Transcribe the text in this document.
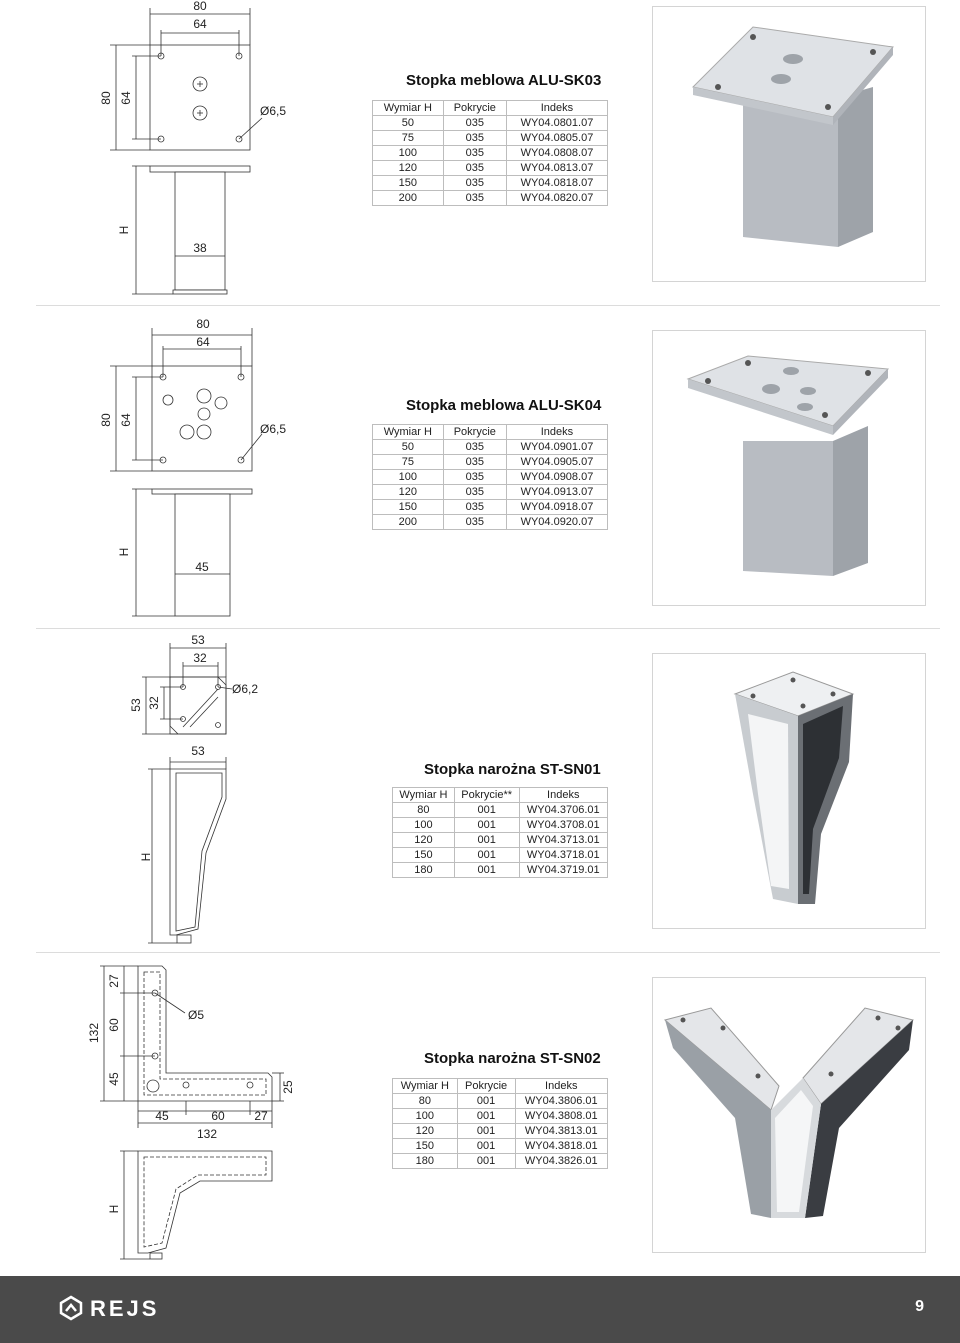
80
64
80 64
Ø6,5
H
38
Stopka meblowa ALU-SK03
Wymiar H	Pokrycie	Indeks
50	035	WY04.0801.07
75	035	WY04.0805.07
100	035	WY04.0808.07
120	035	WY04.0813.07
150	035	WY04.0818.07
200	035	WY04.0820.07
80
64
80 64
Ø6,5
H
45
Stopka meblowa ALU-SK04
Wymiar H	Pokrycie	Indeks
50	035	WY04.0901.07
75	035	WY04.0905.07
100	035	WY04.0908.07
120	035	WY04.0913.07
150	035	WY04.0918.07
200	035	WY04.0920.07
53
32
53 32
Ø6,2
53
H
Stopka narożna ST-SN01
Wymiar H	Pokrycie**	Indeks
80	001	WY04.3706.01
100	001	WY04.3708.01
120	001	WY04.3713.01
150	001	WY04.3718.01
180	001	WY04.3719.01
132
27
60
45
Ø5
45	60 27
132
25
H
Stopka narożna ST-SN02
Wymiar H	Pokrycie	Indeks
80	001	WY04.3806.01
100	001	WY04.3808.01
120	001	WY04.3813.01
150	001	WY04.3818.01
180	001	WY04.3826.01
REJS	9
